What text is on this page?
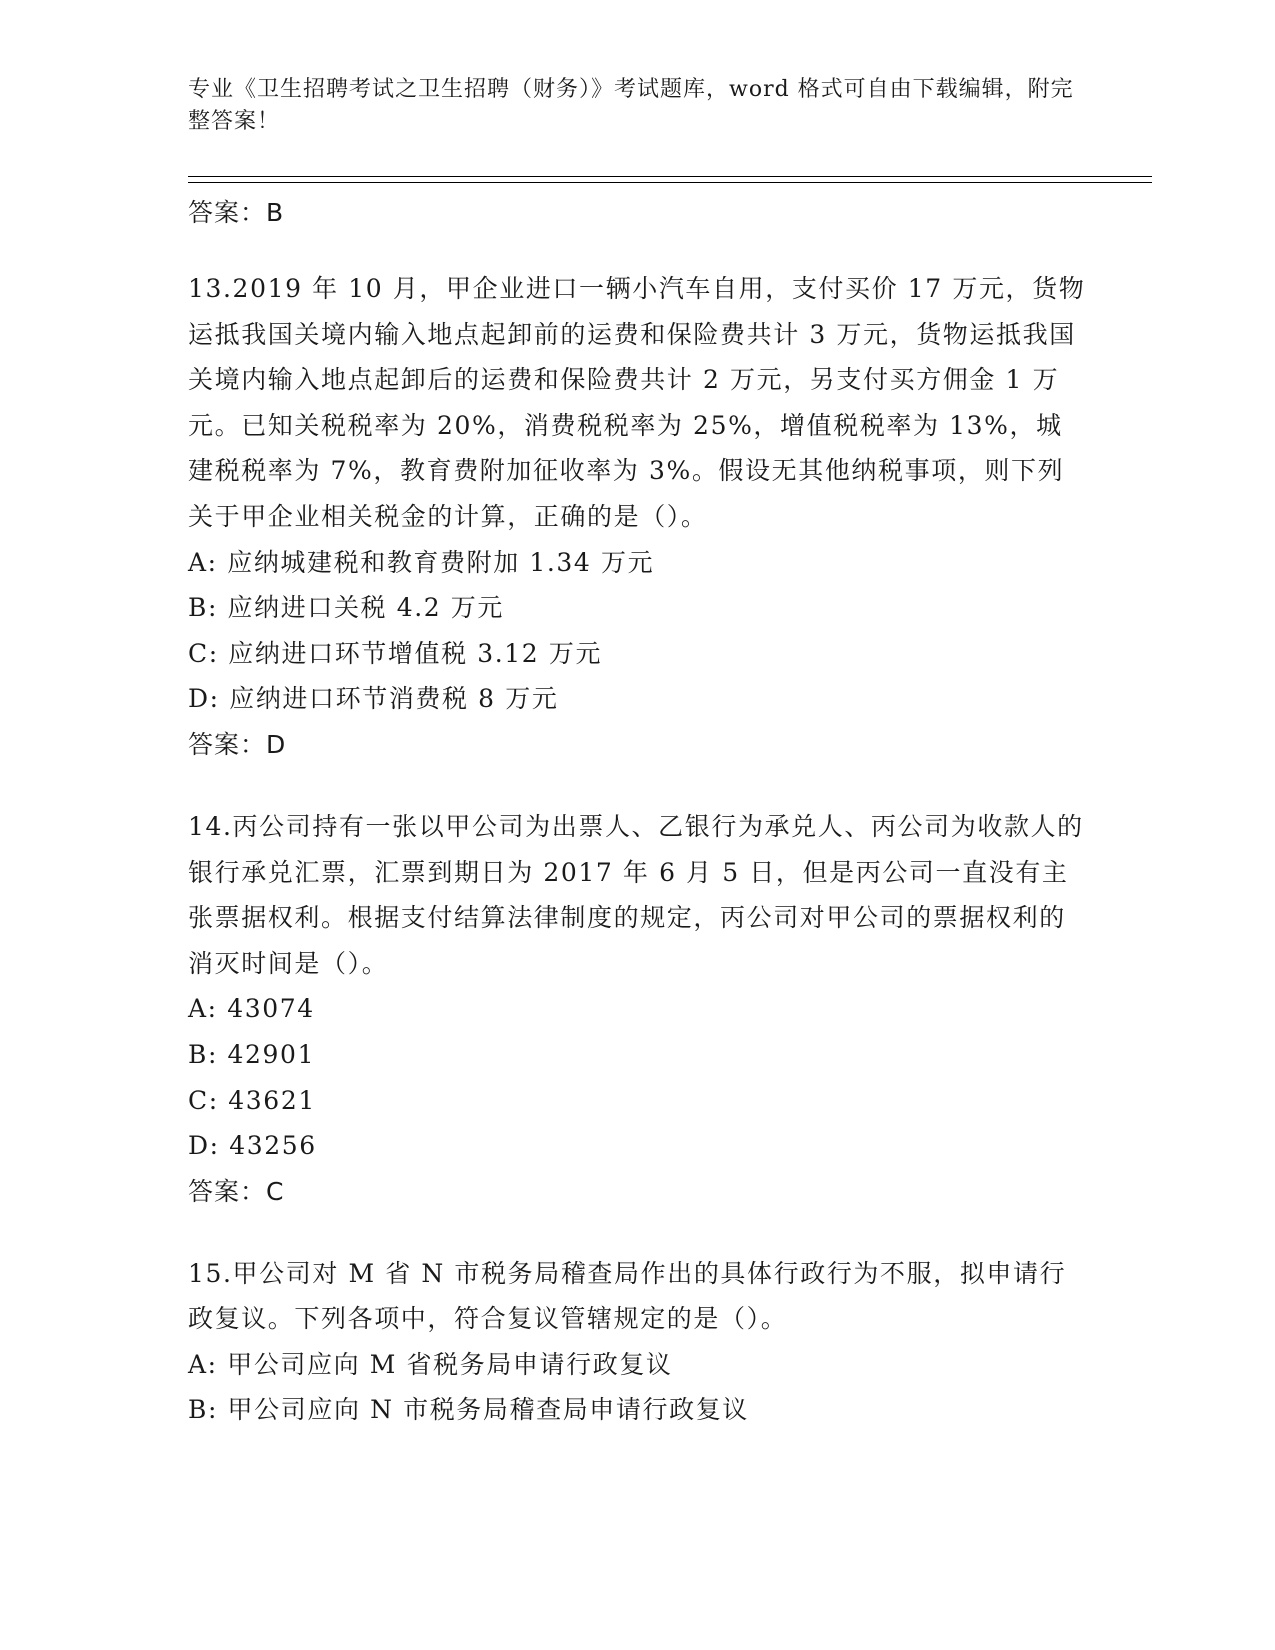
专业《卫生招聘考试之卫生招聘（财务）》考试题库，word 格式可自由下载编辑，附完整答案！
答案：B
13.2019 年 10 月，甲企业进口一辆小汽车自用，支付买价 17 万元，货物运抵我国关境内输入地点起卸前的运费和保险费共计 3 万元，货物运抵我国关境内输入地点起卸后的运费和保险费共计 2 万元，另支付买方佣金 1 万元。已知关税税率为 20%，消费税税率为 25%，增值税税率为 13%，城建税税率为 7%，教育费附加征收率为 3%。假设无其他纳税事项，则下列关于甲企业相关税金的计算，正确的是（）。
A: 应纳城建税和教育费附加 1.34 万元
B: 应纳进口关税 4.2 万元
C: 应纳进口环节增值税 3.12 万元
D: 应纳进口环节消费税 8 万元
答案：D
14.丙公司持有一张以甲公司为出票人、乙银行为承兑人、丙公司为收款人的银行承兑汇票，汇票到期日为 2017 年 6 月 5 日，但是丙公司一直没有主张票据权利。根据支付结算法律制度的规定，丙公司对甲公司的票据权利的消灭时间是（）。
A: 43074
B: 42901
C: 43621
D: 43256
答案：C
15.甲公司对 M 省 N 市税务局稽查局作出的具体行政行为不服，拟申请行政复议。下列各项中，符合复议管辖规定的是（）。
A: 甲公司应向 M 省税务局申请行政复议
B: 甲公司应向 N 市税务局稽查局申请行政复议
